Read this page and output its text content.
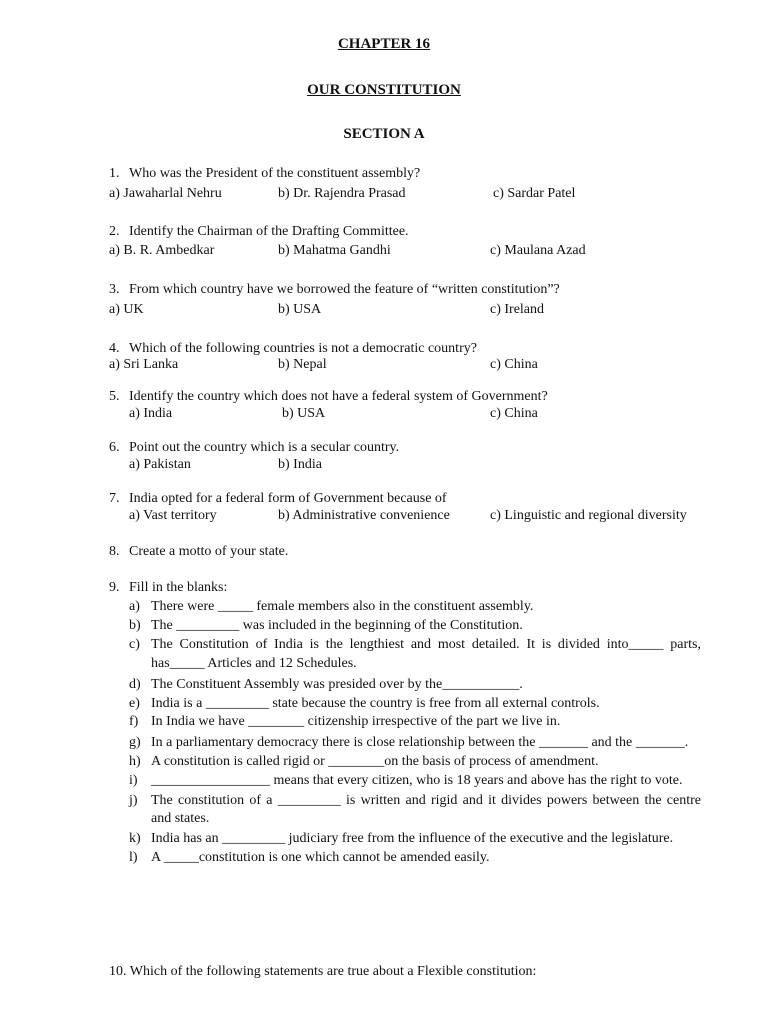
CHAPTER 16
OUR CONSTITUTION
SECTION A
1. Who was the President of the constituent assembly?
a) Jawaharlal Nehru	b) Dr. Rajendra Prasad	c) Sardar Patel
2. Identify the Chairman of the Drafting Committee.
a) B. R. Ambedkar	b) Mahatma Gandhi	c) Maulana Azad
3. From which country have we borrowed the feature of “written constitution”?
a) UK	b) USA	c) Ireland
4. Which of the following countries is not a democratic country?
a) Sri Lanka	b) Nepal	c) China
5. Identify the country which does not have a federal system of Government?
a) India	b) USA	c) China
6. Point out the country which is a secular country.
a) Pakistan	b) India
7. India opted for a federal form of Government because of
a) Vast territory	b) Administrative convenience	c) Linguistic and regional diversity
8. Create a motto of your state.
9. Fill in the blanks:
a) There were _____ female members also in the constituent assembly.
b) The _________ was included in the beginning of the Constitution.
c) The Constitution of India is the lengthiest and most detailed. It is divided into_____ parts,
has_____ Articles and 12 Schedules.
d) The Constituent Assembly was presided over by the___________.
e) India is a _________ state because the country is free from all external controls.
f) In India we have ________ citizenship irrespective of the part we live in.
g) In a parliamentary democracy there is close relationship between the _______ and the _______.
h) A constitution is called rigid or ________on the basis of process of amendment.
i) _________________ means that every citizen, who is 18 years and above has the right to vote.
j) The constitution of a _________ is written and rigid and it divides powers between the centre
and states.
k) India has an _________ judiciary free from the influence of the executive and the legislature.
l) A _____constitution is one which cannot be amended easily.
10. Which of the following statements are true about a Flexible constitution:
